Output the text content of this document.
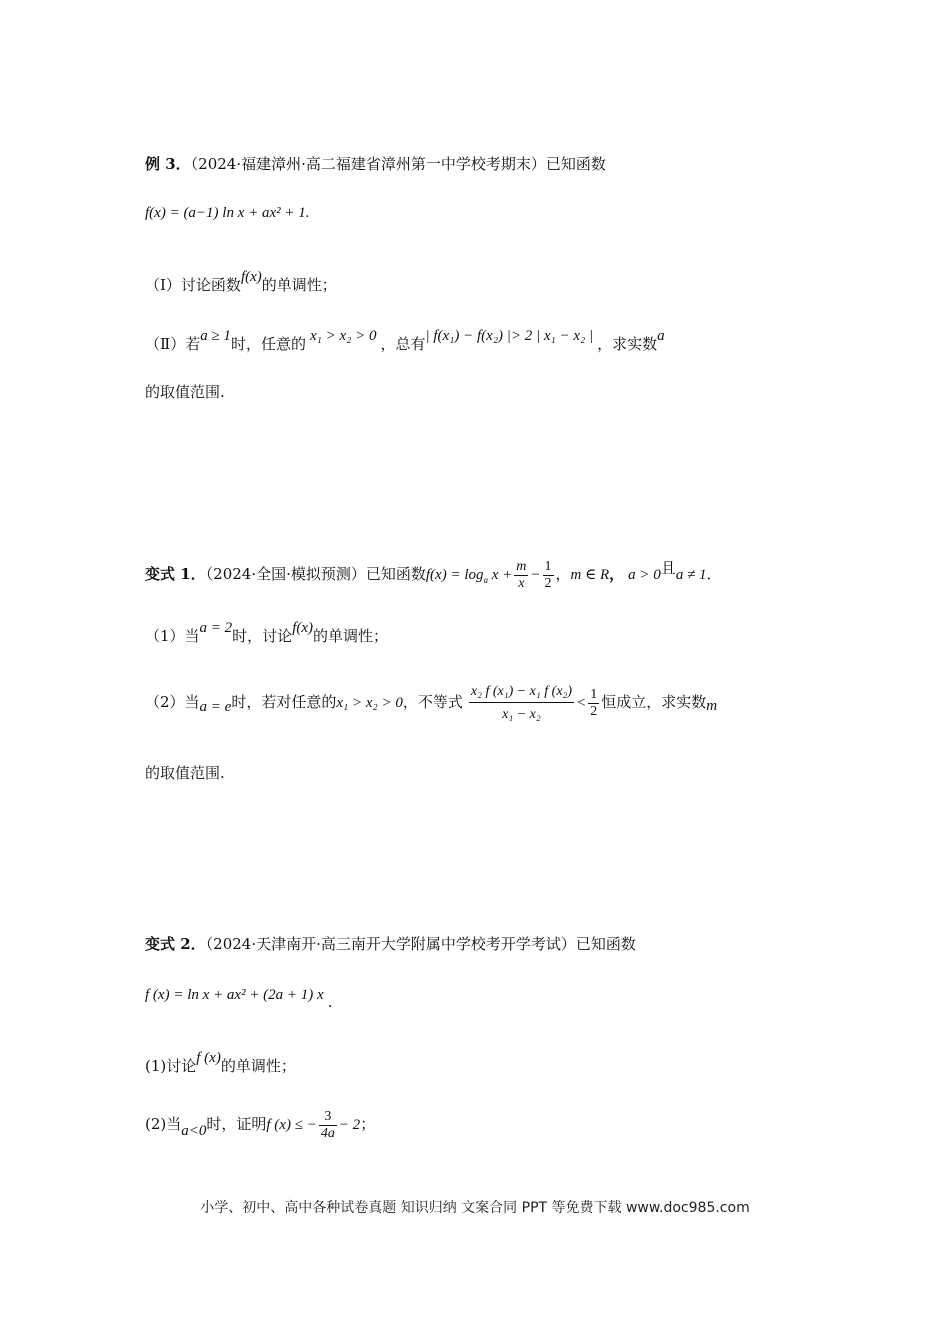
例 3．（2024·福建漳州·高二福建省漳州第一中学校考期末）已知函数
f(x) = (a−1) ln x + ax² + 1.
（Ⅰ）讨论函数f(x)的单调性；
（Ⅱ）若a ≥ 1时，任意的 x₁ > x₂ > 0 ，总有| f(x₁) − f(x₂) |> 2 | x₁ − x₂ | ，求实数a
的取值范围.
变式 1．（2024·全国·模拟预测）已知函数$f(x) = \log_a x + \frac{m}{x} - \frac{1}{2}$ ，m ∈ R， a > 0且a ≠ 1．
（1）当a = 2时，讨论f(x)的单调性；
（2）当a = e时，若对任意的x₁ > x₂ > 0，不等式 $\frac{\text{x₂ f (x₁) − x₁ f (x₂)}}{\text{x₁ − x₂}} < \frac{1}{2}$ 恒成立，求实数m
的取值范围.
变式 2．（2024·天津南开·高三南开大学附属中学校考开学考试）已知函数
f (x) = ln x + ax² + (2a + 1) x .
(1)讨论f (x)的单调性；
(2)当a<0时，证明f (x) ≤ − $\frac{3}{4a} - 2$；
小学、初中、高中各种试卷真题 知识归纳 文案合同 PPT 等免费下载 www.doc985.com
